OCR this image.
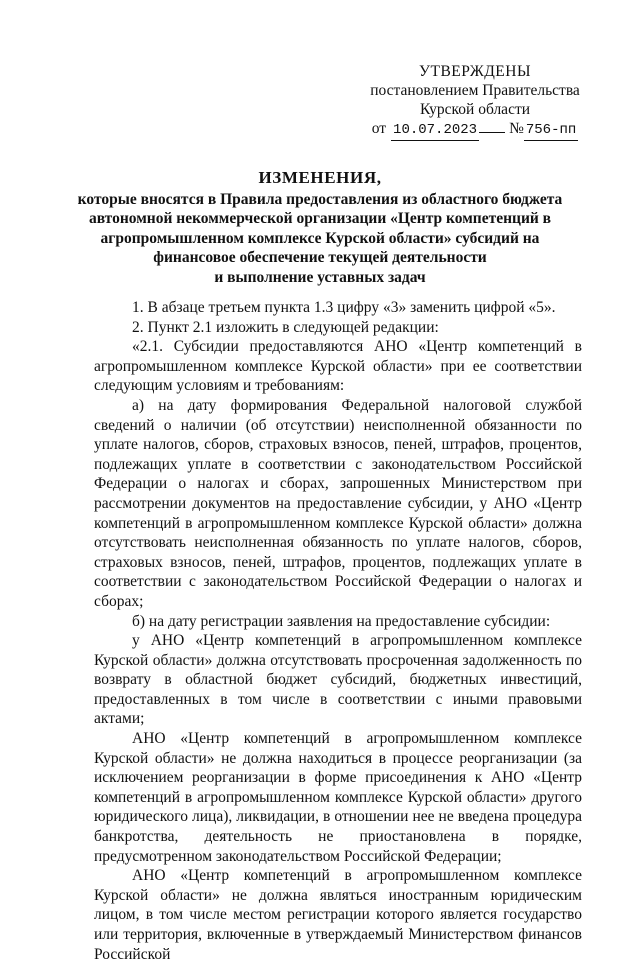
УТВЕРЖДЕНЫ
постановлением Правительства
Курской области
от 10.07.2023 № 756-пп
ИЗМЕНЕНИЯ,
которые вносятся в Правила предоставления из областного бюджета
автономной некоммерческой организации «Центр компетенций в
агропромышленном комплексе Курской области» субсидий на
финансовое обеспечение текущей деятельности
и выполнение уставных задач

1. В абзаце третьем пункта 1.3 цифру «3» заменить цифрой «5».

2. Пункт 2.1 изложить в следующей редакции:

«2.1. Субсидии предоставляются АНО «Центр компетенций в агропромышленном комплексе Курской области» при ее соответствии следующим условиям и требованиям:

а) на дату формирования Федеральной налоговой службой сведений о наличии (об отсутствии) неисполненной обязанности по уплате налогов, сборов, страховых взносов, пеней, штрафов, процентов, подлежащих уплате в соответствии с законодательством Российской Федерации о налогах и сборах, запрошенных Министерством при рассмотрении документов на предоставление субсидии, у АНО «Центр компетенций в агропромышленном комплексе Курской области» должна отсутствовать неисполненная обязанность по уплате налогов, сборов, страховых взносов, пеней, штрафов, процентов, подлежащих уплате в соответствии с законодательством Российской Федерации о налогах и сборах;

б) на дату регистрации заявления на предоставление субсидии:

у АНО «Центр компетенций в агропромышленном комплексе Курской области» должна отсутствовать просроченная задолженность по возврату в областной бюджет субсидий, бюджетных инвестиций, предоставленных в том числе в соответствии с иными правовыми актами;

АНО «Центр компетенций в агропромышленном комплексе Курской области» не должна находиться в процессе реорганизации (за исключением реорганизации в форме присоединения к АНО «Центр компетенций в агропромышленном комплексе Курской области» другого юридического лица), ликвидации, в отношении нее не введена процедура банкротства, деятельность не приостановлена в порядке, предусмотренном законодательством Российской Федерации;

АНО «Центр компетенций в агропромышленном комплексе Курской области» не должна являться иностранным юридическим лицом, в том числе местом регистрации которого является государство или территория, включенные в утверждаемый Министерством финансов Российской
